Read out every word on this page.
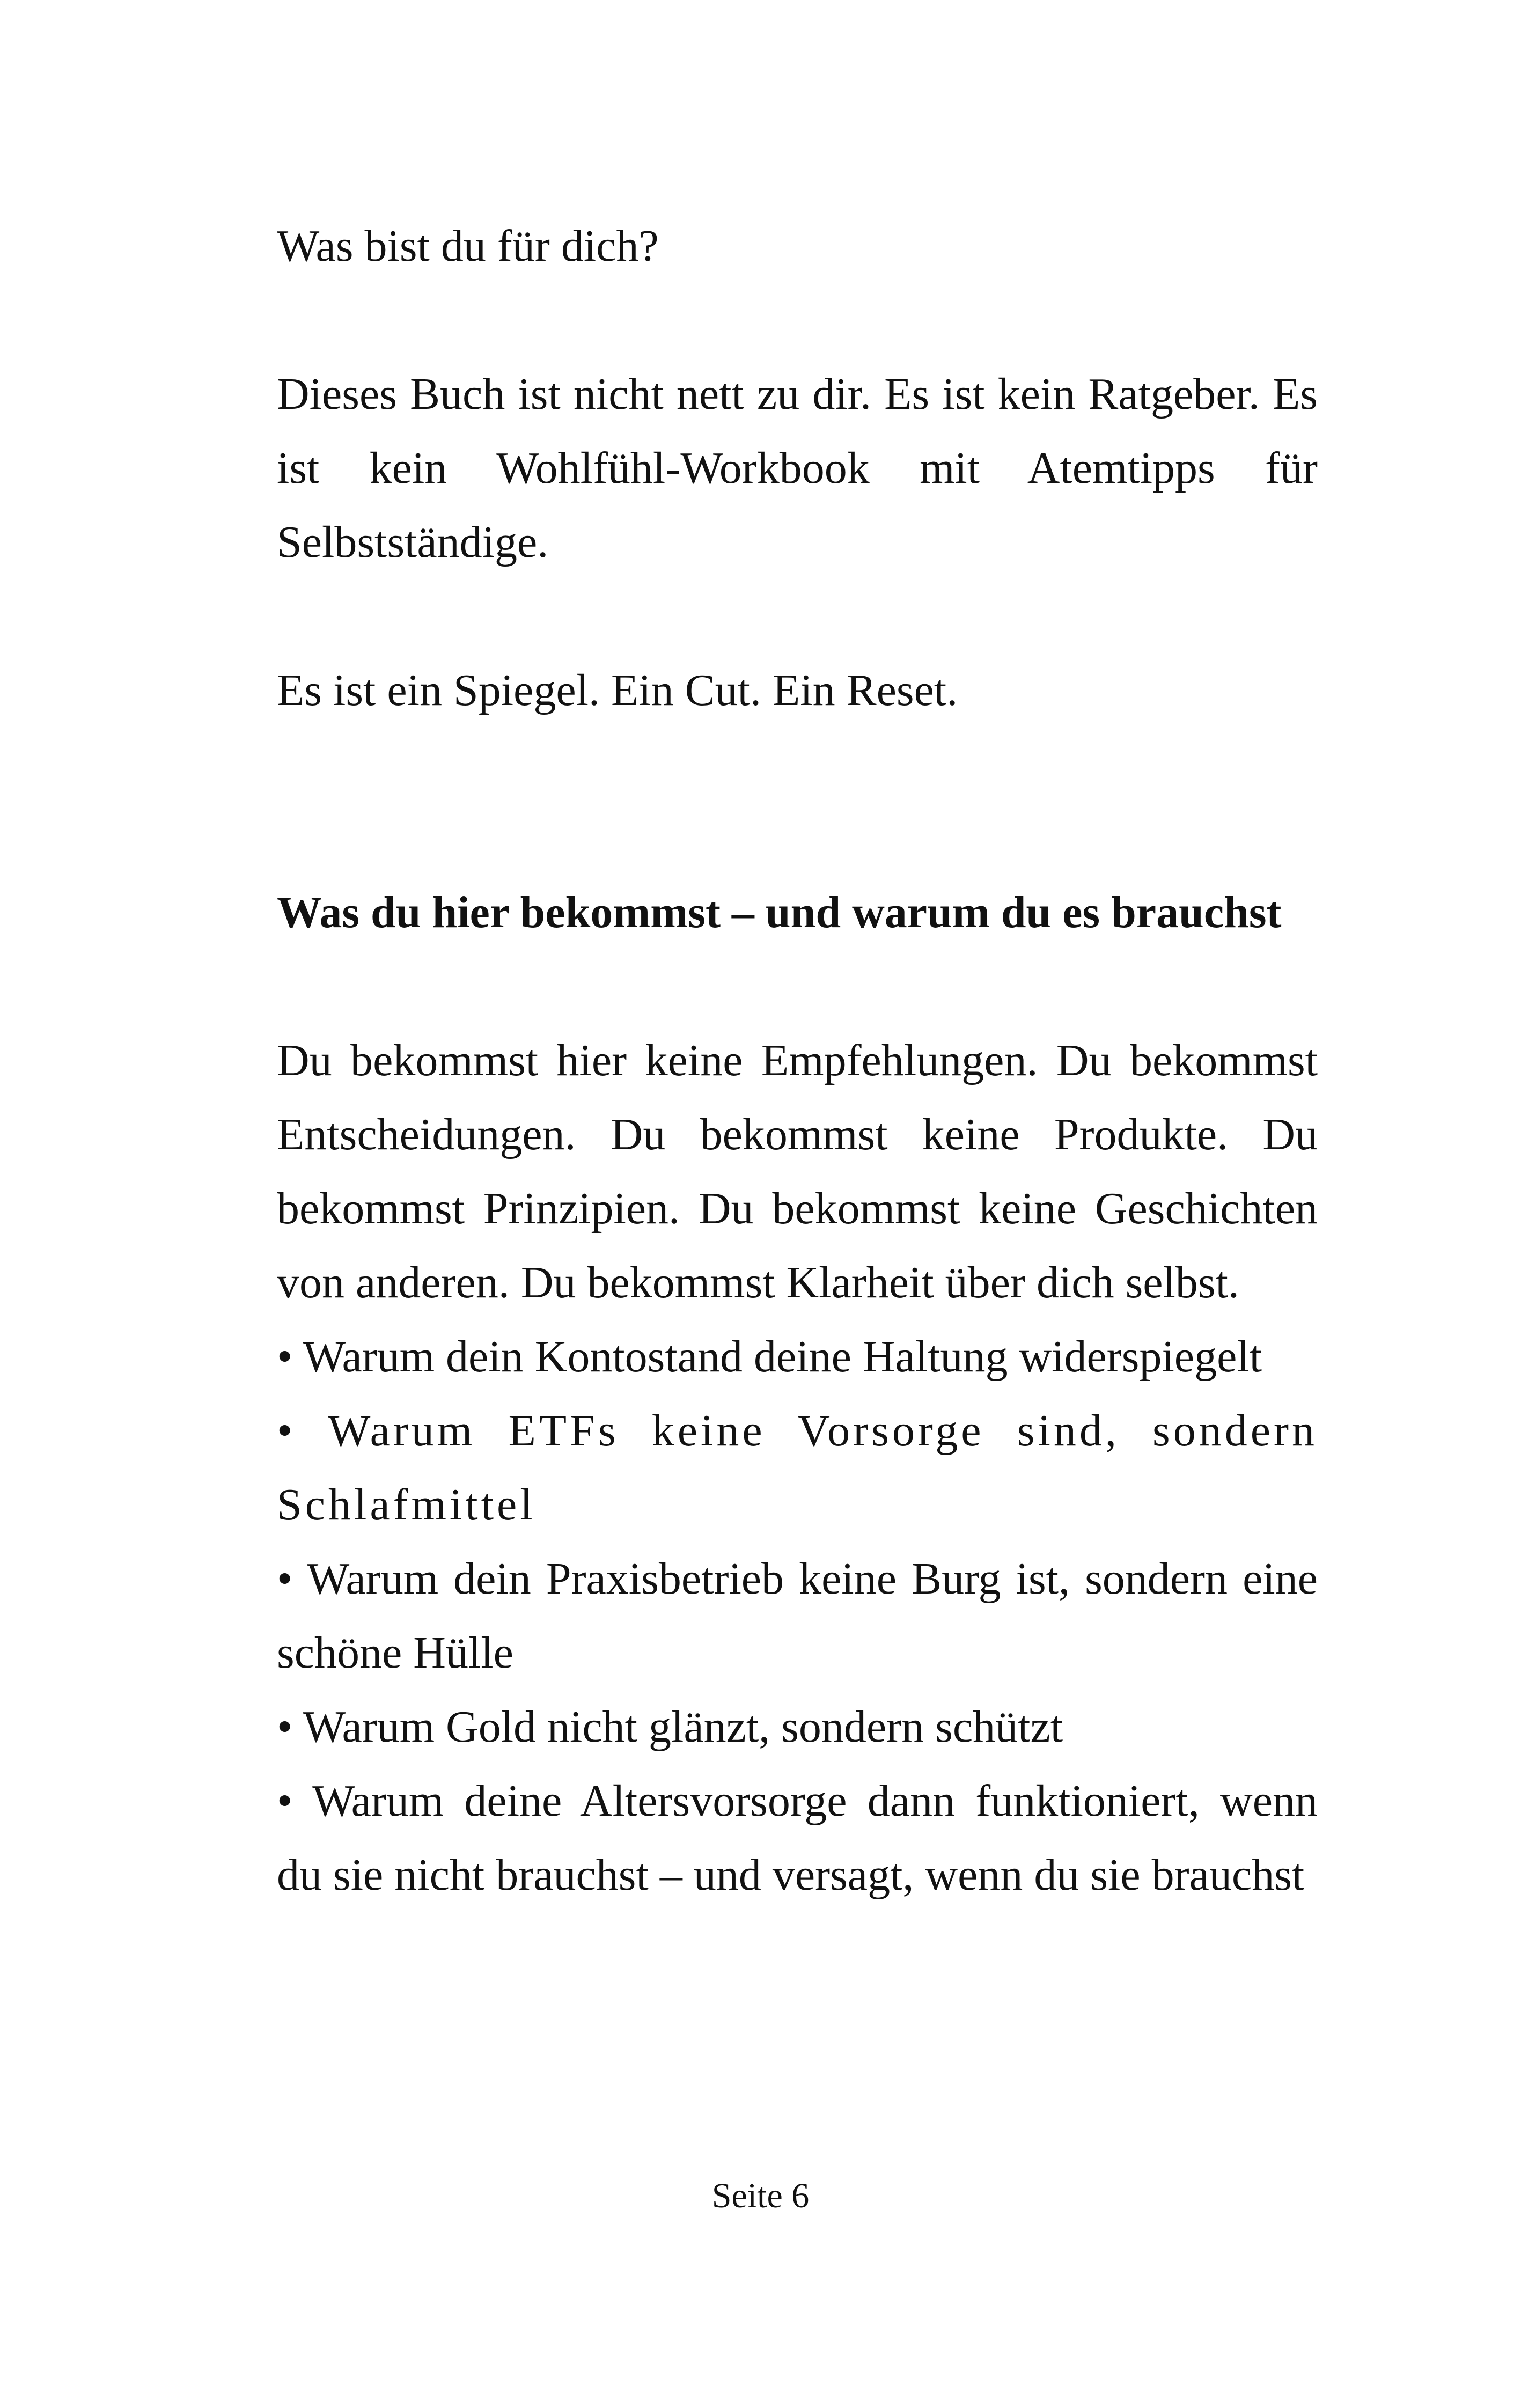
Was bist du für dich?

Dieses Buch ist nicht nett zu dir. Es ist kein Ratgeber. Es ist kein Wohlfühl-Workbook mit Atemtipps für Selbstständige.

Es ist ein Spiegel. Ein Cut. Ein Reset.

Was du hier bekommst – und warum du es brauchst

Du bekommst hier keine Empfehlungen. Du bekommst Entscheidungen. Du bekommst keine Produkte. Du bekommst Prinzipien. Du bekommst keine Geschichten von anderen. Du bekommst Klarheit über dich selbst.

• Warum dein Kontostand deine Haltung widerspiegelt

• Warum ETFs keine Vorsorge sind, sondern Schlafmittel

• Warum dein Praxisbetrieb keine Burg ist, sondern eine schöne Hülle

• Warum Gold nicht glänzt, sondern schützt

• Warum deine Altersvorsorge dann funktioniert, wenn du sie nicht brauchst – und versagt, wenn du sie brauchst

Seite 6
